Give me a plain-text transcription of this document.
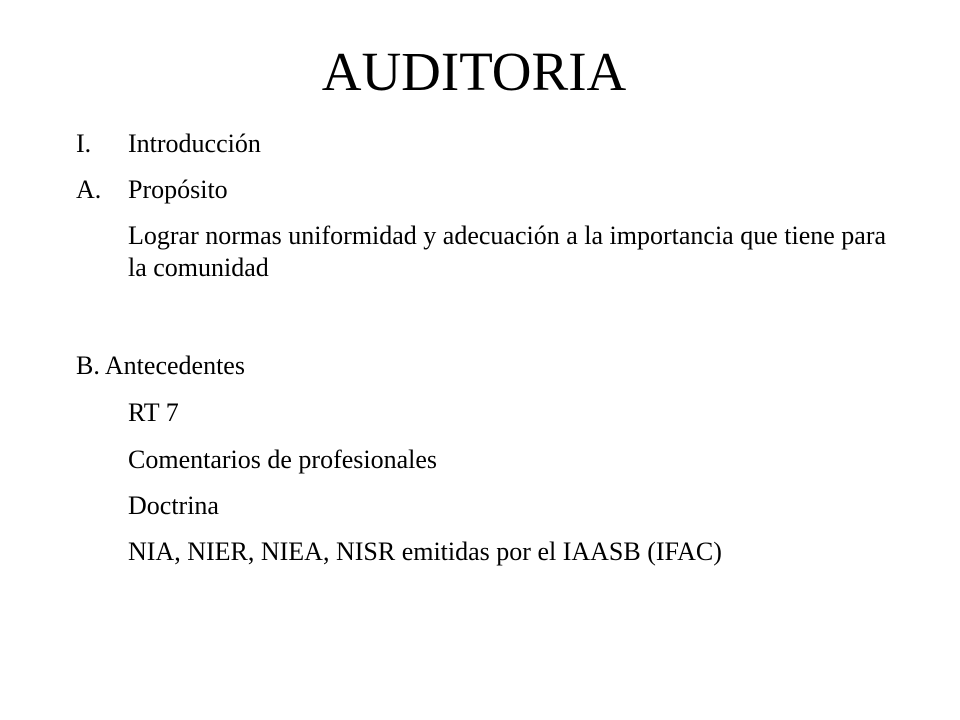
AUDITORIA
I. Introducción
A. Propósito
Lograr normas uniformidad y adecuación a la importancia que tiene para la comunidad
B. Antecedentes
RT 7
Comentarios de profesionales
Doctrina
NIA, NIER, NIEA, NISR emitidas por el IAASB (IFAC)
